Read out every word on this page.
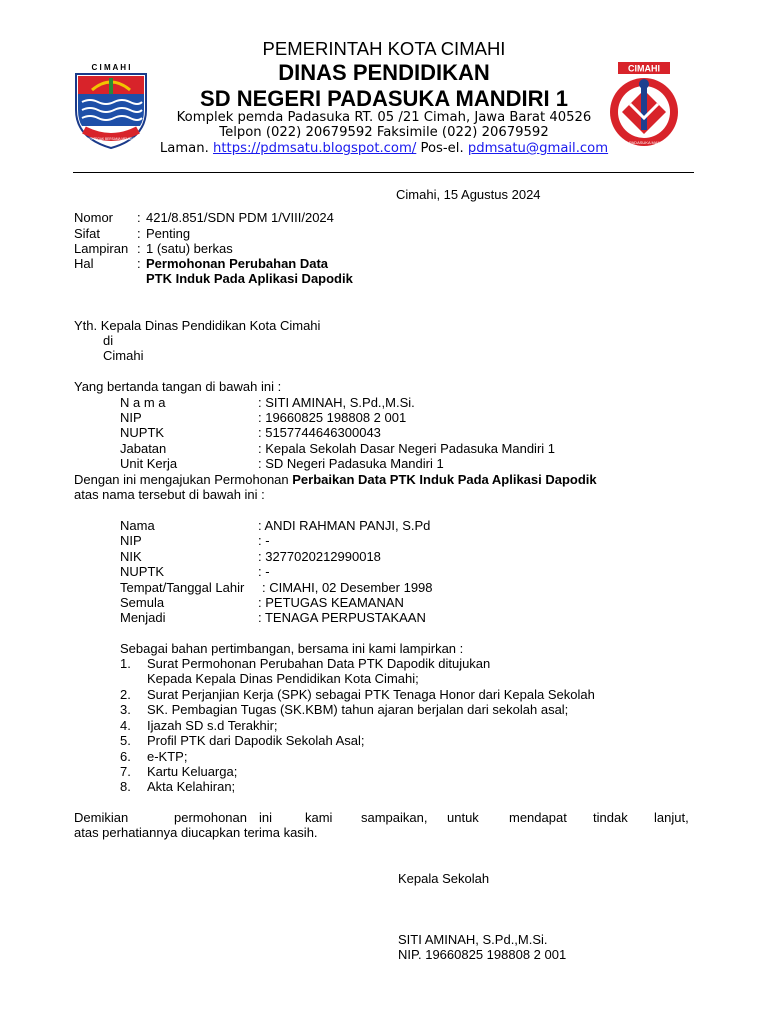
C I M A H I
BERDIRI TEGAK BERSAMA MEMBANGUN
CIMAHI
SDN PADASUKA MANDIRI
PEMERINTAH KOTA CIMAHI
DINAS PENDIDIKAN
SD NEGERI PADASUKA MANDIRI 1
Komplek pemda Padasuka RT. 05 /21 Cimah, Jawa Barat 40526
Telpon (022) 20679592 Faksimile (022) 20679592
Laman. https://pdmsatu.blogspot.com/ Pos-el. pdmsatu@gmail.com
Cimahi, 15 Agustus 2024
Nomor : 421/8.851/SDN PDM 1/VIII/2024
Sifat	: Penting
Lampiran : 1 (satu) berkas
Hal	: Permohonan Perubahan Data
PTK Induk Pada Aplikasi Dapodik
Yth. Kepala Dinas Pendidikan Kota Cimahi
di
Cimahi
Yang bertanda tangan di bawah ini :
N a m a	: SITI AMINAH, S.Pd.,M.Si.
NIP	: 19660825 198808 2 001
NUPTK	: 5157744646300043
Jabatan	: Kepala Sekolah Dasar Negeri Padasuka Mandiri 1
Unit Kerja	: SD Negeri Padasuka Mandiri 1
Dengan ini mengajukan Permohonan Perbaikan Data PTK Induk Pada Aplikasi Dapodik
atas nama tersebut di bawah ini :
Nama	: ANDI RAHMAN PANJI, S.Pd
NIP	: -
NIK	: 3277020212990018
NUPTK	: -
Tempat/Tanggal Lahir : CIMAHI, 02 Desember 1998
Semula	: PETUGAS KEAMANAN
Menjadi	: TENAGA PERPUSTAKAAN
Sebagai bahan pertimbangan, bersama ini kami lampirkan :
1. Surat Permohonan Perubahan Data PTK Dapodik ditujukan
Kepada Kepala Dinas Pendidikan Kota Cimahi;
2. Surat Perjanjian Kerja (SPK) sebagai PTK Tenaga Honor dari Kepala Sekolah
3. SK. Pembagian Tugas (SK.KBM) tahun ajaran berjalan dari sekolah asal;
4. Ijazah SD s.d Terakhir;
5. Profil PTK dari Dapodik Sekolah Asal;
6. e-KTP;
7. Kartu Keluarga;
8. Akta Kelahiran;
Demikian	permohonan ini	kami sampaikan, untuk mendapat tindak lanjut,
atas perhatiannya diucapkan terima kasih.
Kepala Sekolah
SITI AMINAH, S.Pd.,M.Si.
NIP. 19660825 198808 2 001
